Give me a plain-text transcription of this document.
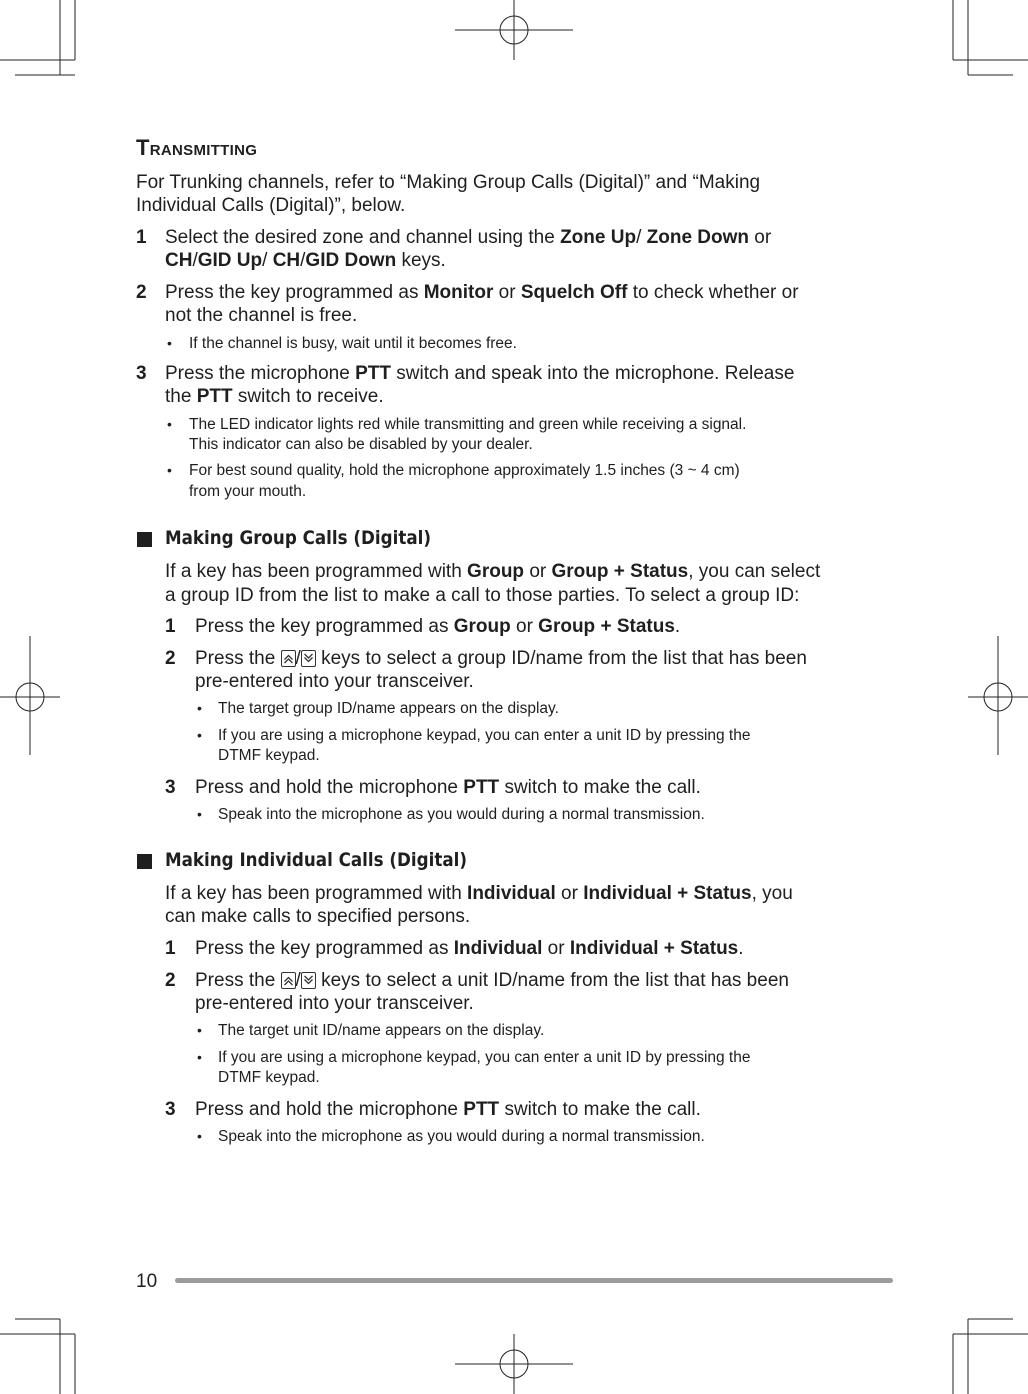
TRANSMITTING
For Trunking channels, refer to “Making Group Calls (Digital)” and “Making
Individual Calls (Digital)”, below.
1 Select the desired zone and channel using the Zone Up/ Zone Down or
CH/GID Up/ CH/GID Down keys.
2 Press the key programmed as Monitor or Squelch Off to check whether or
not the channel is free.
• If the channel is busy, wait until it becomes free.
3 Press the microphone PTT switch and speak into the microphone. Release
the PTT switch to receive.
• The LED indicator lights red while transmitting and green while receiving a signal.
This indicator can also be disabled by your dealer.
• For best sound quality, hold the microphone approximately 1.5 inches (3 ~ 4 cm)
from your mouth.
Making Group Calls (Digital)
If a key has been programmed with Group or Group + Status, you can select
a group ID from the list to make a call to those parties. To select a group ID:
1 Press the key programmed as Group or Group + Status.
2 Press the
/
keys to select a group ID/name from the list that has been
pre-entered into your transceiver.
• The target group ID/name appears on the display.
• If you are using a microphone keypad, you can enter a unit ID by pressing the
DTMF keypad.
3 Press and hold the microphone PTT switch to make the call.
• Speak into the microphone as you would during a normal transmission.
Making Individual Calls (Digital)
If a key has been programmed with Individual or Individual + Status, you
can make calls to specified persons.
1 Press the key programmed as Individual or Individual + Status.
2 Press the
/
keys to select a unit ID/name from the list that has been
pre-entered into your transceiver.
• The target unit ID/name appears on the display.
• If you are using a microphone keypad, you can enter a unit ID by pressing the
DTMF keypad.
3 Press and hold the microphone PTT switch to make the call.
• Speak into the microphone as you would during a normal transmission.
10
